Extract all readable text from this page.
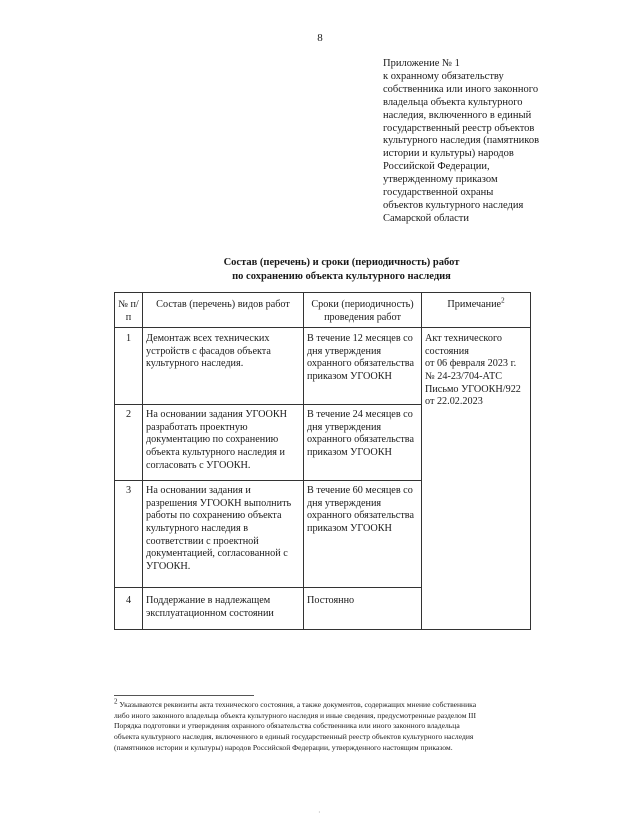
8
Приложение № 1
к охранному обязательству
собственника или иного законного
владельца объекта культурного
наследия, включенного в единый
государственный реестр объектов
культурного наследия (памятников
истории и культуры) народов
Российской Федерации,
утвержденному приказом
государственной охраны
объектов культурного наследия
Самарской области
Состав (перечень) и сроки (периодичность) работ
по сохранению объекта культурного наследия
№ п/п	Состав (перечень) видов работ	Сроки (периодичность) проведения работ	Примечание$^2$
1	Демонтаж всех технических устройств с фасадов объекта культурного наследия.	В течение 12 месяцев со дня утверждения охранного обязательства приказом УГООКН	Акт технического состояния
от 06 февраля 2023 г.
№ 24-23/704-АТС
Письмо УГООКН/922
от 22.02.2023

2	На основании задания УГООКН разработать проектную документацию по сохранению объекта культурного наследия и согласовать с УГООКН.	В течение 24 месяцев со дня утверждения охранного обязательства приказом УГООКН	
3	На основании задания и разрешения УГООКН выполнить работы по сохранению объекта культурного наследия в соответствии с проектной документацией, согласованной с УГООКН.	В течение 60 месяцев со дня утверждения охранного обязательства приказом УГООКН	
4	Поддержание в надлежащем эксплуатационном состоянии	Постоянно	
$^2$ Указываются реквизиты акта технического состояния, а также документов, содержащих мнение собственника
либо иного законного владельца объекта культурного наследия и иные сведения, предусмотренные разделом III
Порядка подготовки и утверждения охранного обязательства собственника или иного законного владельца
объекта культурного наследия, включенного в единый государственный реестр объектов культурного наследия
(памятников истории и культуры) народов Российской Федерации, утвержденного настоящим приказом.
·
